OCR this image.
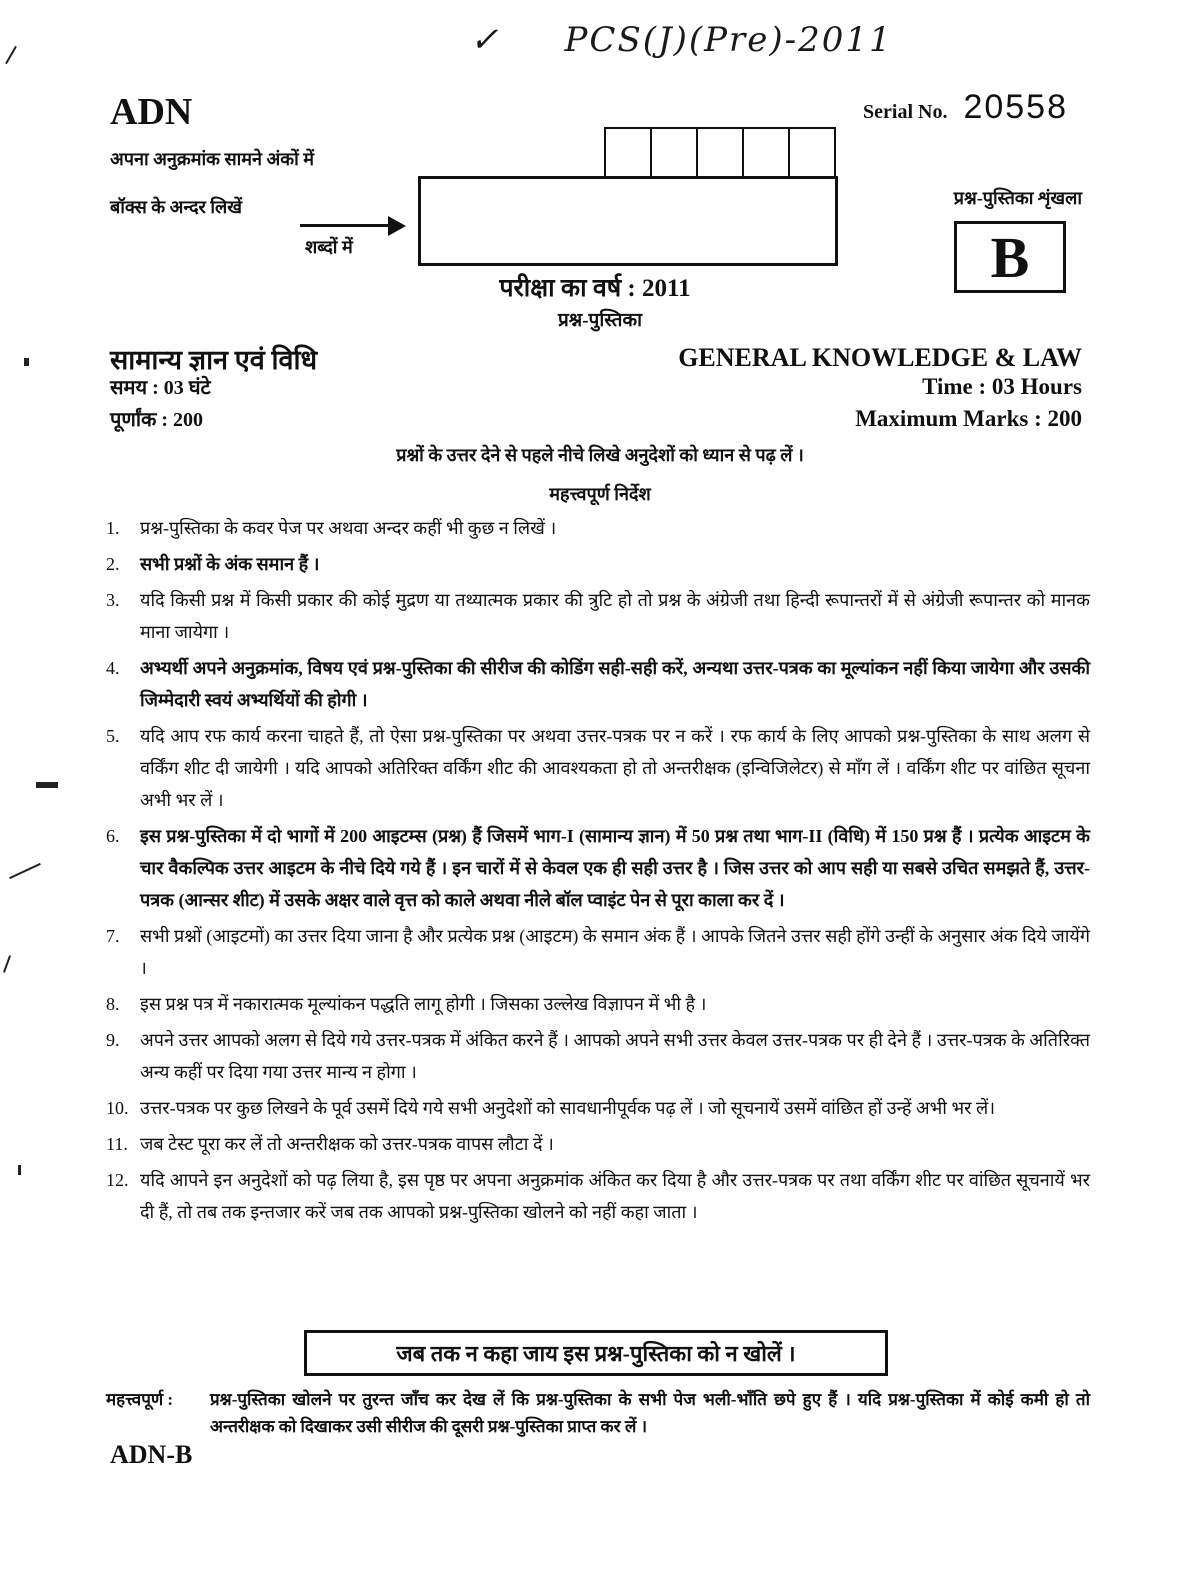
✓ PCS(J)(Pre)-2011
ADN	Serial No. 20558
अपना अनुक्रमांक सामने अंकों में
बॉक्स के अन्दर लिखें
शब्दों में
प्रश्न-पुस्तिका शृंखला
B
परीक्षा का वर्ष : 2011
प्रश्न-पुस्तिका
सामान्य ज्ञान एवं विधि	GENERAL KNOWLEDGE & LAW
समय : 03 घंटे	Time : 03 Hours
पूर्णांक : 200	Maximum Marks : 200
प्रश्नों के उत्तर देने से पहले नीचे लिखे अनुदेशों को ध्यान से पढ़ लें ।
महत्त्वपूर्ण निर्देश
1.	प्रश्न-पुस्तिका के कवर पेज पर अथवा अन्दर कहीं भी कुछ न लिखें ।
2.	सभी प्रश्नों के अंक समान हैं ।
3.	यदि किसी प्रश्न में किसी प्रकार की कोई मुद्रण या तथ्यात्मक प्रकार की त्रुटि हो तो प्रश्न के अंग्रेजी तथा हिन्दी रूपान्तरों में से अंग्रेजी रूपान्तर को मानक माना जायेगा ।
4.	अभ्यर्थी अपने अनुक्रमांक, विषय एवं प्रश्न-पुस्तिका की सीरीज की कोडिंग सही-सही करें, अन्यथा उत्तर-पत्रक का मूल्यांकन नहीं किया जायेगा और उसकी जिम्मेदारी स्वयं अभ्यर्थियों की होगी ।
5.	यदि आप रफ कार्य करना चाहते हैं, तो ऐसा प्रश्न-पुस्तिका पर अथवा उत्तर-पत्रक पर न करें । रफ कार्य के लिए आपको प्रश्न-पुस्तिका के साथ अलग से वर्किंग शीट दी जायेगी । यदि आपको अतिरिक्त वर्किंग शीट की आवश्यकता हो तो अन्तरीक्षक (इन्विजिलेटर) से माँग लें । वर्किंग शीट पर वांछित सूचना अभी भर लें ।
6.	इस प्रश्न-पुस्तिका में दो भागों में 200 आइटम्स (प्रश्न) हैं जिसमें भाग-I (सामान्य ज्ञान) में 50 प्रश्न तथा भाग-II (विधि) में 150 प्रश्न हैं । प्रत्येक आइटम के चार वैकल्पिक उत्तर आइटम के नीचे दिये गये हैं । इन चारों में से केवल एक ही सही उत्तर है । जिस उत्तर को आप सही या सबसे उचित समझते हैं, उत्तर-पत्रक (आन्सर शीट) में उसके अक्षर वाले वृत्त को काले अथवा नीले बॉल प्वाइंट पेन से पूरा काला कर दें ।
7.	सभी प्रश्नों (आइटमों) का उत्तर दिया जाना है और प्रत्येक प्रश्न (आइटम) के समान अंक हैं । आपके जितने उत्तर सही होंगे उन्हीं के अनुसार अंक दिये जायेंगे ।
8.	इस प्रश्न पत्र में नकारात्मक मूल्यांकन पद्धति लागू होगी । जिसका उल्लेख विज्ञापन में भी है ।
9.	अपने उत्तर आपको अलग से दिये गये उत्तर-पत्रक में अंकित करने हैं । आपको अपने सभी उत्तर केवल उत्तर-पत्रक पर ही देने हैं । उत्तर-पत्रक के अतिरिक्त अन्य कहीं पर दिया गया उत्तर मान्य न होगा ।
10. उत्तर-पत्रक पर कुछ लिखने के पूर्व उसमें दिये गये सभी अनुदेशों को सावधानीपूर्वक पढ़ लें । जो सूचनायें उसमें वांछित हों उन्हें अभी भर लें।
11. जब टेस्ट पूरा कर लें तो अन्तरीक्षक को उत्तर-पत्रक वापस लौटा दें ।
12. यदि आपने इन अनुदेशों को पढ़ लिया है, इस पृष्ठ पर अपना अनुक्रमांक अंकित कर दिया है और उत्तर-पत्रक पर तथा वर्किंग शीट पर वांछित सूचनायें भर दी हैं, तो तब तक इन्तजार करें जब तक आपको प्रश्न-पुस्तिका खोलने को नहीं कहा जाता ।
जब तक न कहा जाय इस प्रश्न-पुस्तिका को न खोलें ।
महत्त्वपूर्ण :	प्रश्न-पुस्तिका खोलने पर तुरन्त जाँच कर देख लें कि प्रश्न-पुस्तिका के सभी पेज भली-भाँति छपे हुए हैं । यदि प्रश्न-पुस्तिका में कोई कमी हो तो अन्तरीक्षक को दिखाकर उसी सीरीज की दूसरी प्रश्न-पुस्तिका प्राप्त कर लें ।
ADN-B
